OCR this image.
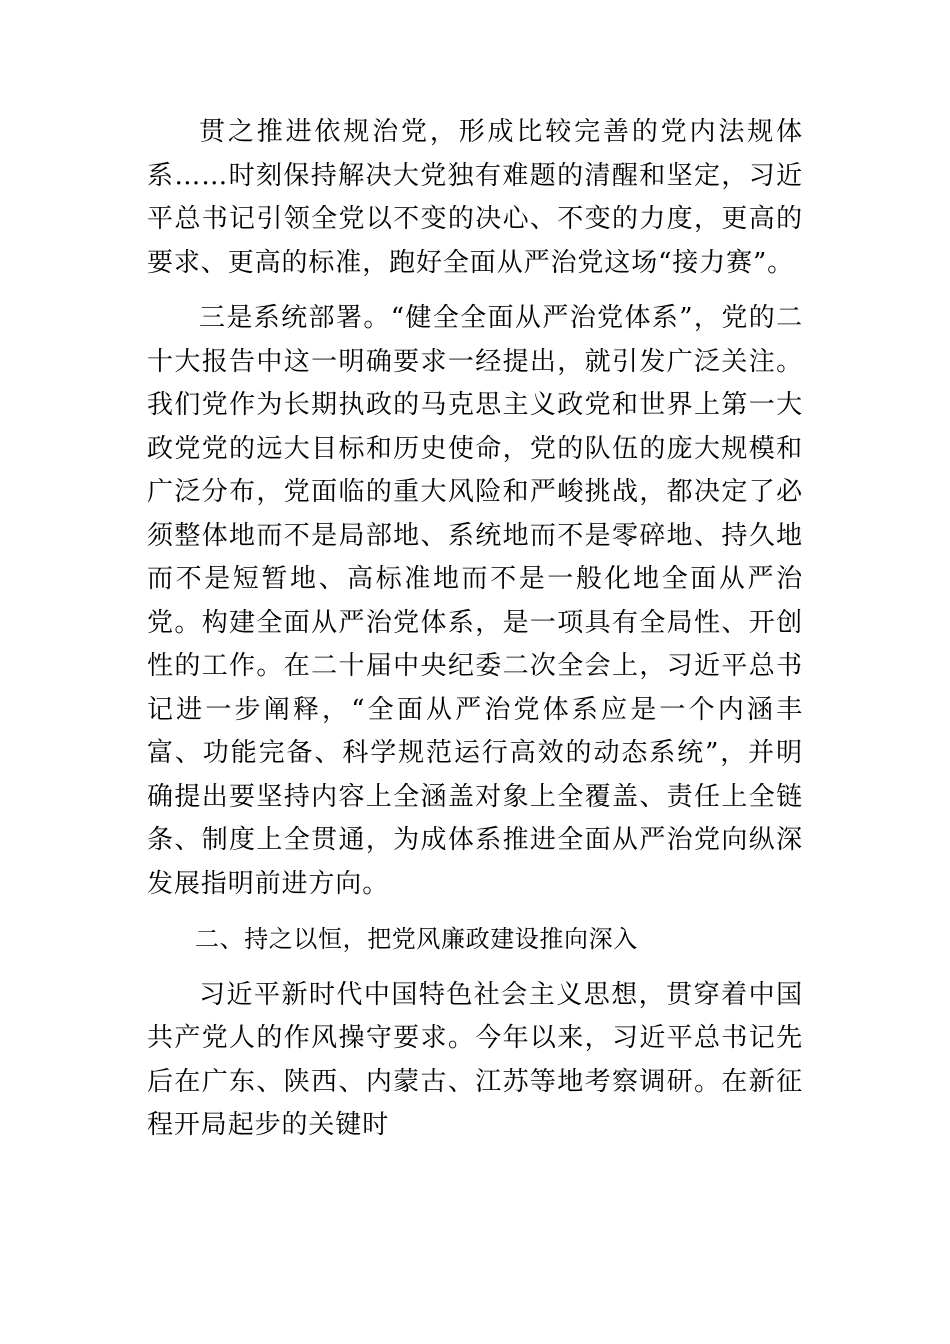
贯之推进依规治党，形成比较完善的党内法规体系……时刻保持解决大党独有难题的清醒和坚定，习近平总书记引领全党以不变的决心、不变的力度，更高的要求、更高的标准，跑好全面从严治党这场“接力赛”。

三是系统部署。“健全全面从严治党体系”，党的二十大报告中这一明确要求一经提出，就引发广泛关注。我们党作为长期执政的马克思主义政党和世界上第一大政党党的远大目标和历史使命，党的队伍的庞大规模和广泛分布，党面临的重大风险和严峻挑战，都决定了必须整体地而不是局部地、系统地而不是零碎地、持久地而不是短暂地、高标准地而不是一般化地全面从严治党。构建全面从严治党体系，是一项具有全局性、开创性的工作。在二十届中央纪委二次全会上，习近平总书记进一步阐释，“全面从严治党体系应是一个内涵丰富、功能完备、科学规范运行高效的动态系统”，并明确提出要坚持内容上全涵盖对象上全覆盖、责任上全链条、制度上全贯通，为成体系推进全面从严治党向纵深发展指明前进方向。

二、持之以恒，把党风廉政建设推向深入

习近平新时代中国特色社会主义思想，贯穿着中国共产党人的作风操守要求。今年以来，习近平总书记先后在广东、陕西、内蒙古、江苏等地考察调研。在新征程开局起步的关键时
